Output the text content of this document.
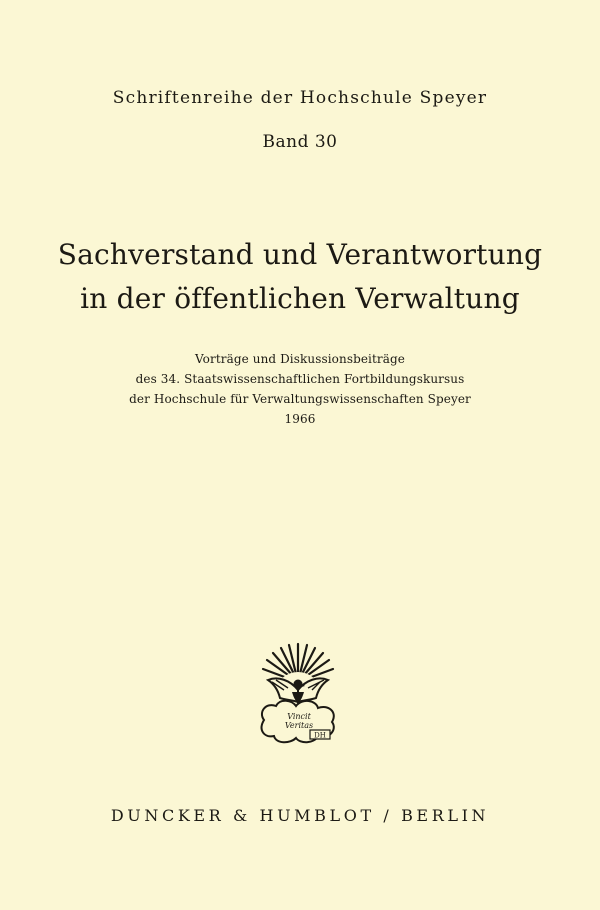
Schriftenreihe der Hochschule Speyer
Band 30
Sachverstand und Verantwortung
in der öffentlichen Verwaltung
Vorträge und Diskussionsbeiträge
des 34. Staatswissenschaftlichen Fortbildungskursus
der Hochschule für Verwaltungswissenschaften Speyer
1966
Vincit
Veritas
DH
DUNCKER & HUMBLOT / BERLIN
